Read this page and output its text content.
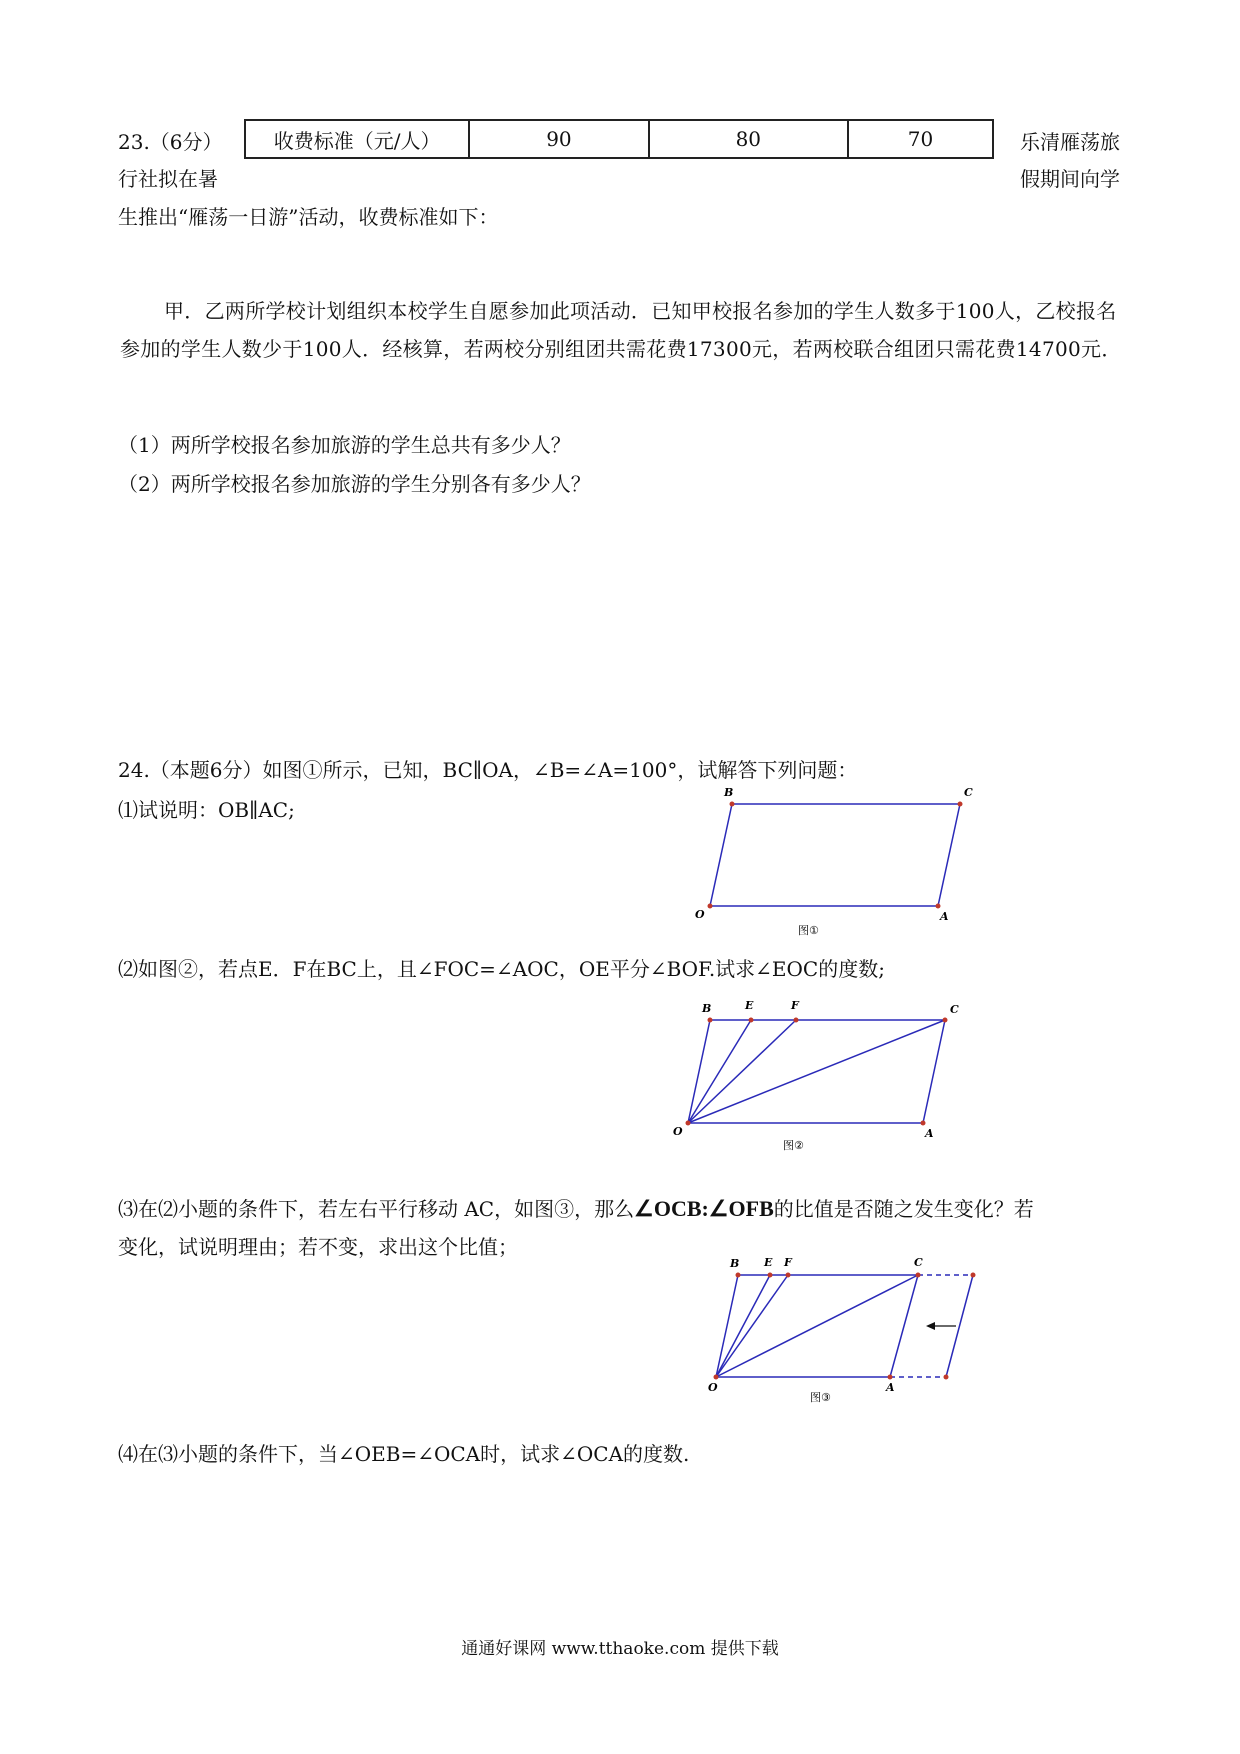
23.（6分）	收费标准（元/人）	90	80	70	乐清雁荡旅
行社拟在暑	假期间向学
生推出“雁荡一日游”活动，收费标准如下：
甲．乙两所学校计划组织本校学生自愿参加此项活动．已知甲校报名参加的学生人数多于100人，乙校报名参加的学生人数少于100人．经核算，若两校分别组团共需花费17300元，若两校联合组团只需花费14700元．
（1）两所学校报名参加旅游的学生总共有多少人？
（2）两所学校报名参加旅游的学生分别各有多少人？
24.（本题6分）如图①所示，已知，BC∥OA，∠B=∠A=100°，试解答下列问题：
⑴试说明：OB∥AC;
B	C
O	A
图①
⑵如图②，若点E．F在BC上，且∠FOC=∠AOC，OE平分∠BOF.试求∠EOC的度数;
B	E	F	C
O	A
图②
⑶在⑵小题的条件下，若左右平行移动 AC，如图③，那么∠OCB:∠OFB的比值是否随之发生变化？若
变化，试说明理由；若不变，求出这个比值；
B E F	C
O	A
图③
⑷在⑶小题的条件下，当∠OEB=∠OCA时，试求∠OCA的度数.
通通好课网 www.tthaoke.com 提供下载
